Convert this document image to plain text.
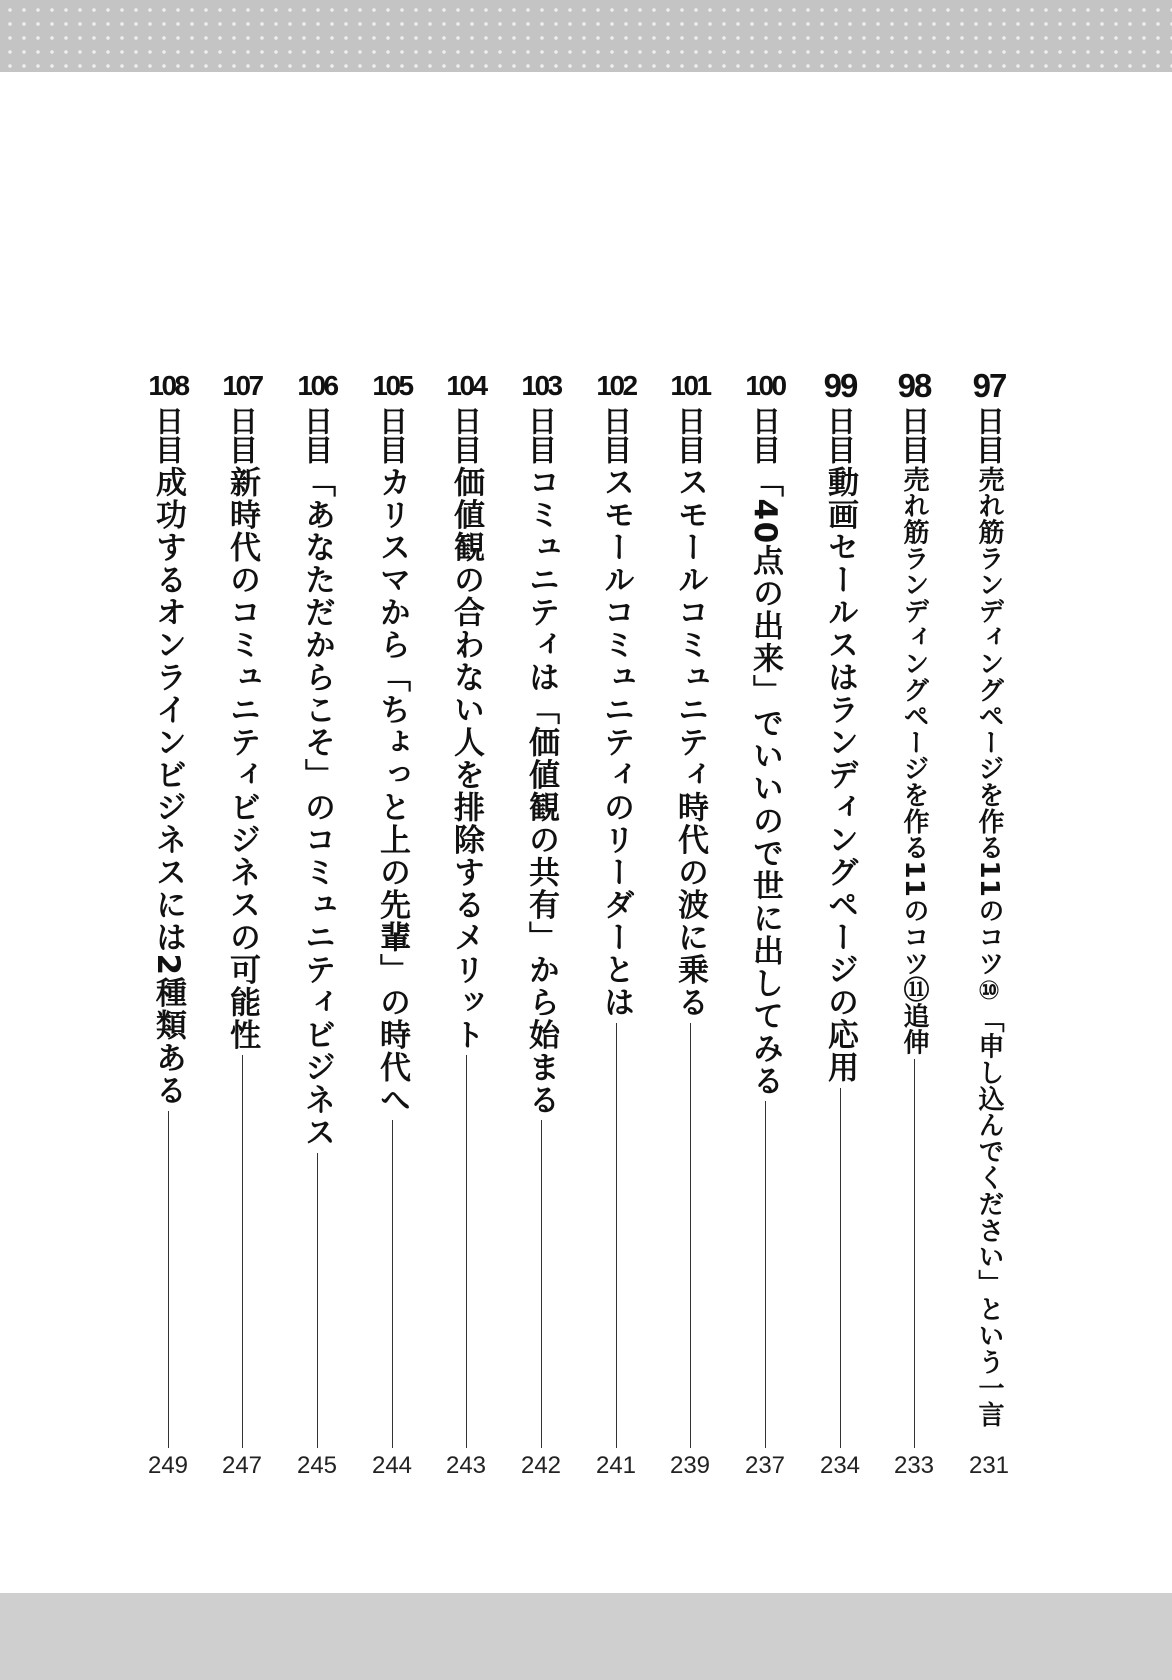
97
日目
売れ筋ランディングページを作る11のコツ⑩「申し込んでください」という一言
231
98
日目
売れ筋ランディングページを作る11のコツ⑪追伸
233
99
日目
動画セールスはランディングページの応用
234
100
日目
「40点の出来」でいいので世に出してみる
237
101
日目
スモールコミュニティ時代の波に乗る
239
102
日目
スモールコミュニティのリーダーとは
241
103
日目
コミュニティは「価値観の共有」から始まる
242
104
日目
価値観の合わない人を排除するメリット
243
105
日目
カリスマから「ちょっと上の先輩」の時代へ
244
106
日目
「あなただからこそ」のコミュニティビジネス
245
107
日目
新時代のコミュニティビジネスの可能性
247
108
日目
成功するオンラインビジネスには2種類ある
249
